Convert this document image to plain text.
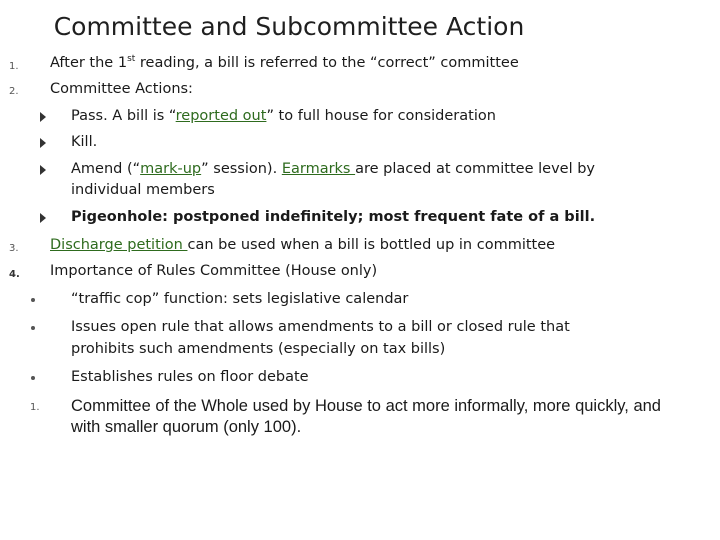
Committee and Subcommittee Action
1. After the 1st reading, a bill is referred to the “correct” committee
2. Committee Actions:
Pass. A bill is “reported out” to full house for consideration
Kill.
Amend (“mark-up” session). Earmarks are placed at committee level by
individual members
Pigeonhole: postponed indefinitely; most frequent fate of a bill.
3. Discharge petition can be used when a bill is bottled up in committee
4. Importance of Rules Committee (House only)
“traffic cop” function: sets legislative calendar
Issues open rule that allows amendments to a bill or closed rule that
prohibits such amendments (especially on tax bills)
Establishes rules on floor debate
1. Committee of the Whole used by House to act more informally, more quickly, and with smaller quorum (only 100).
